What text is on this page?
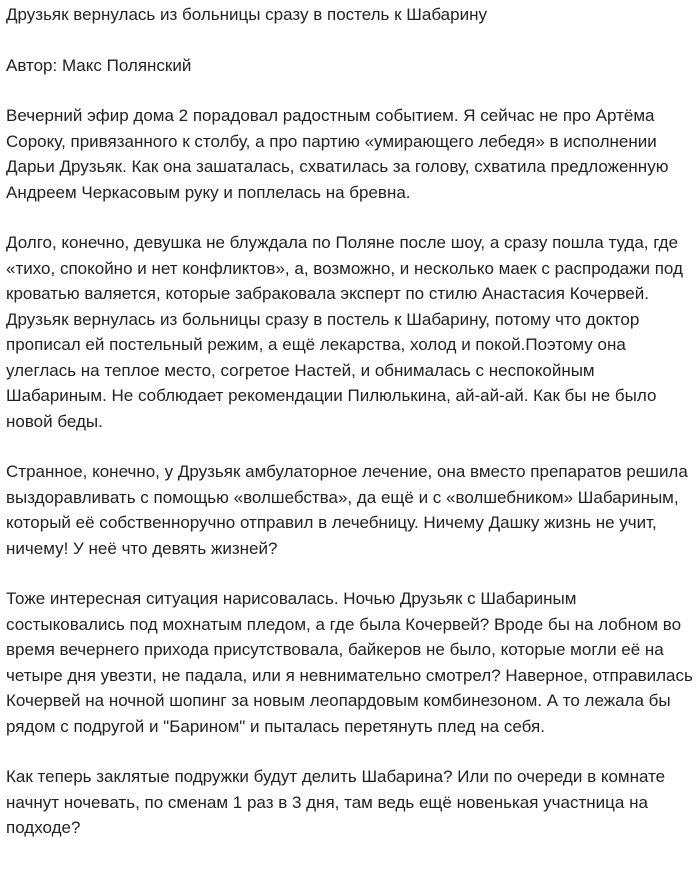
Друзьяк вернулась из больницы сразу в постель к Шабарину

Автор: Макс Полянский

Вечерний эфир дома 2 порадовал радостным событием. Я сейчас не про Артёма Сороку, привязанного к столбу, а про партию «умирающего лебедя» в исполнении Дарьи Друзьяк. Как она зашаталась, схватилась за голову, схватила предложенную Андреем Черкасовым руку и поплелась на бревна.

Долго, конечно, девушка не блуждала по Поляне после шоу, а сразу пошла туда, где «тихо, спокойно и нет конфликтов», а, возможно, и несколько маек с распродажи под кроватью валяется, которые забраковала эксперт по стилю Анастасия Кочервей.

Друзьяк вернулась из больницы сразу в постель к Шабарину, потому что доктор прописал ей постельный режим, а ещё лекарства, холод и покой.Поэтому она улеглась на теплое место, согретое Настей, и обнималась с неспокойным Шабариным. Не соблюдает рекомендации Пилюлькина, ай-ай-ай. Как бы не было новой беды.

Странное, конечно, у Друзьяк амбулаторное лечение, она вместо препаратов решила выздоравливать с помощью «волшебства», да ещё и с «волшебником» Шабариным, который её собственноручно отправил в лечебницу. Ничему Дашку жизнь не учит, ничему! У неё что девять жизней?

Тоже интересная ситуация нарисовалась. Ночью Друзьяк с Шабариным состыковались под мохнатым пледом, а где была Кочервей? Вроде бы на лобном во время вечернего прихода присутствовала, байкеров не было, которые могли её на четыре дня увезти, не падала, или я невнимательно смотрел? Наверное, отправилась Кочервей на ночной шопинг за новым леопардовым комбинезоном. А то лежала бы рядом с подругой и "Барином" и пыталась перетянуть плед на себя.

Как теперь заклятые подружки будут делить Шабарина? Или по очереди в комнате начнут ночевать, по сменам 1 раз в 3 дня, там ведь ещё новенькая участница на подходе?
